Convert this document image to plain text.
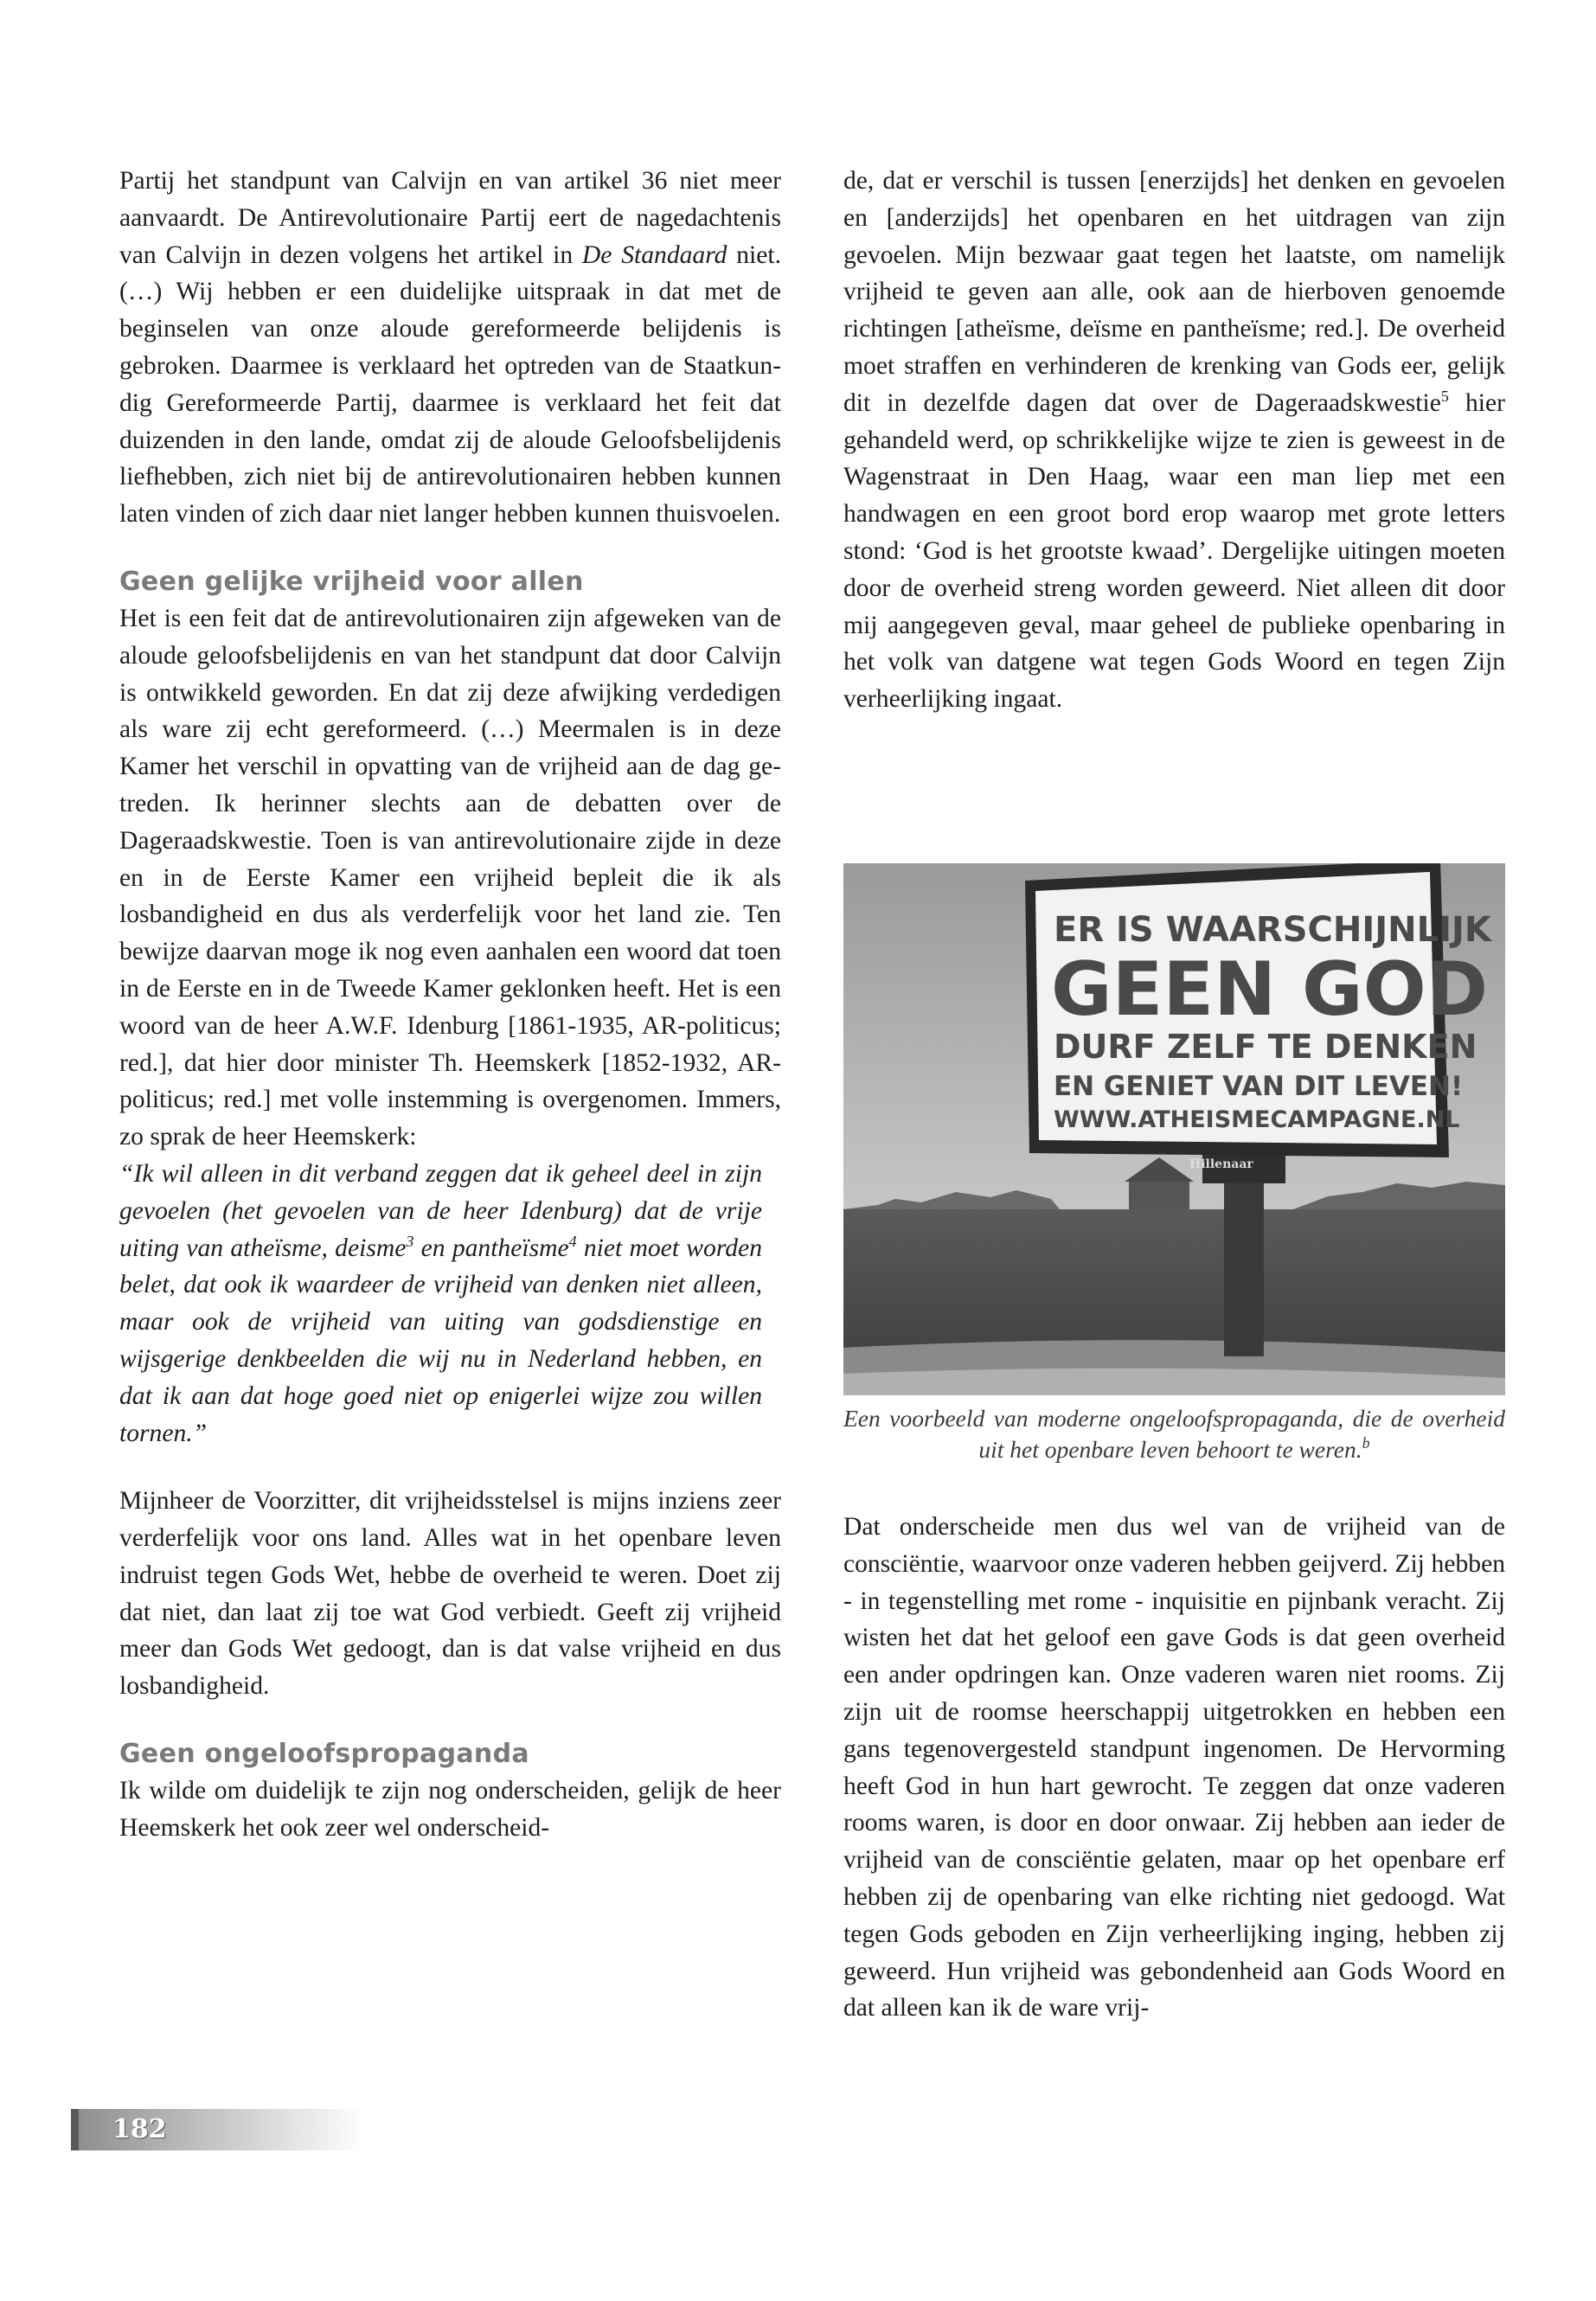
Partij het standpunt van Calvijn en van artikel 36 niet meer aanvaardt. De Antirevolutionaire Partij eert de nagedachtenis van Calvijn in dezen volgens het artikel in De Standaard niet. (…) Wij hebben er een duidelijke uitspraak in dat met de beginselen van onze aloude gereformeerde belijdenis is gebroken. Daarmee is verklaard het optreden van de Staatkundig Gereformeerde Partij, daarmee is verklaard het feit dat duizenden in den lande, omdat zij de aloude Geloofsbelijdenis liefhebben, zich niet bij de antirevolutionairen hebben kunnen laten vinden of zich daar niet langer hebben kunnen thuisvoelen.

Geen gelijke vrijheid voor allen

Het is een feit dat de antirevolutionairen zijn afgeweken van de aloude geloofsbelijdenis en van het standpunt dat door Calvijn is ontwikkeld geworden. En dat zij deze afwijking verdedigen als ware zij echt gereformeerd. (…) Meermalen is in deze Kamer het verschil in opvatting van de vrijheid aan de dag getreden. Ik herinner slechts aan de debatten over de Dageraadskwestie. Toen is van antirevolutionaire zijde in deze en in de Eerste Kamer een vrijheid bepleit die ik als losbandigheid en dus als verderfelijk voor het land zie. Ten bewijze daarvan moge ik nog even aanhalen een woord dat toen in de Eerste en in de Tweede Kamer geklonken heeft. Het is een woord van de heer A.W.F. Idenburg [1861-1935, AR-politicus; red.], dat hier door minister Th. Heemskerk [1852-1932, AR-politicus; red.] met volle instemming is overgenomen. Immers, zo sprak de heer Heemskerk:

“Ik wil alleen in dit verband zeggen dat ik geheel deel in zijn gevoelen (het gevoelen van de heer Idenburg) dat de vrije uiting van atheïsme, deisme$^3$ en pantheïsme$^4$ niet moet worden belet, dat ook ik waardeer de vrijheid van denken niet alleen, maar ook de vrijheid van uiting van godsdienstige en wijsgerige denkbeelden die wij nu in Nederland hebben, en dat ik aan dat hoge goed niet op enigerlei wijze zou willen tornen.”

Mijnheer de Voorzitter, dit vrijheidsstelsel is mijns inziens zeer verderfelijk voor ons land. Alles wat in het openbare leven indruist tegen Gods Wet, hebbe de overheid te weren. Doet zij dat niet, dan laat zij toe wat God verbiedt. Geeft zij vrijheid meer dan Gods Wet gedoogt, dan is dat valse vrijheid en dus losbandigheid.

Geen ongeloofspropaganda

Ik wilde om duidelijk te zijn nog onderscheiden, gelijk de heer Heemskerk het ook zeer wel onderscheid-

de, dat er verschil is tussen [enerzijds] het denken en gevoelen en [anderzijds] het openbaren en het uitdragen van zijn gevoelen. Mijn bezwaar gaat tegen het laatste, om namelijk vrijheid te geven aan alle, ook aan de hierboven genoemde richtingen [atheïsme, deïsme en pantheïsme; red.]. De overheid moet straffen en verhinderen de krenking van Gods eer, gelijk dit in dezelfde dagen dat over de Dageraadskwestie$^5$ hier gehandeld werd, op schrikkelijke wijze te zien is geweest in de Wagenstraat in Den Haag, waar een man liep met een handwagen en een groot bord erop waarop met grote letters stond: ‘God is het grootste kwaad’. Dergelijke uitingen moeten door de overheid streng worden geweerd. Niet alleen dit door mij aangegeven geval, maar geheel de publieke openbaring in het volk van datgene wat tegen Gods Woord en tegen Zijn verheerlijking ingaat.

ER IS WAARSCHIJNLIJK
GEEN GOD
DURF ZELF TE DENKEN
EN GENIET VAN DIT LEVEN!
WWW.ATHEISMECAMPAGNE.NL
Hillenaar
Een voorbeeld van moderne ongeloofspropaganda, die de overheid uit het openbare leven behoort te weren.$^b$

Dat onderscheide men dus wel van de vrijheid van de consciëntie, waarvoor onze vaderen hebben geijverd. Zij hebben - in tegenstelling met rome - inquisitie en pijnbank veracht. Zij wisten het dat het geloof een gave Gods is dat geen overheid een ander opdringen kan. Onze vaderen waren niet rooms. Zij zijn uit de roomse heerschappij uitgetrokken en hebben een gans tegenovergesteld standpunt ingenomen. De Hervorming heeft God in hun hart gewrocht. Te zeggen dat onze vaderen rooms waren, is door en door onwaar. Zij hebben aan ieder de vrijheid van de consciëntie gelaten, maar op het openbare erf hebben zij de openbaring van elke richting niet gedoogd. Wat tegen Gods geboden en Zijn verheerlijking inging, hebben zij geweerd. Hun vrijheid was gebondenheid aan Gods Woord en dat alleen kan ik de ware vrij-

182
